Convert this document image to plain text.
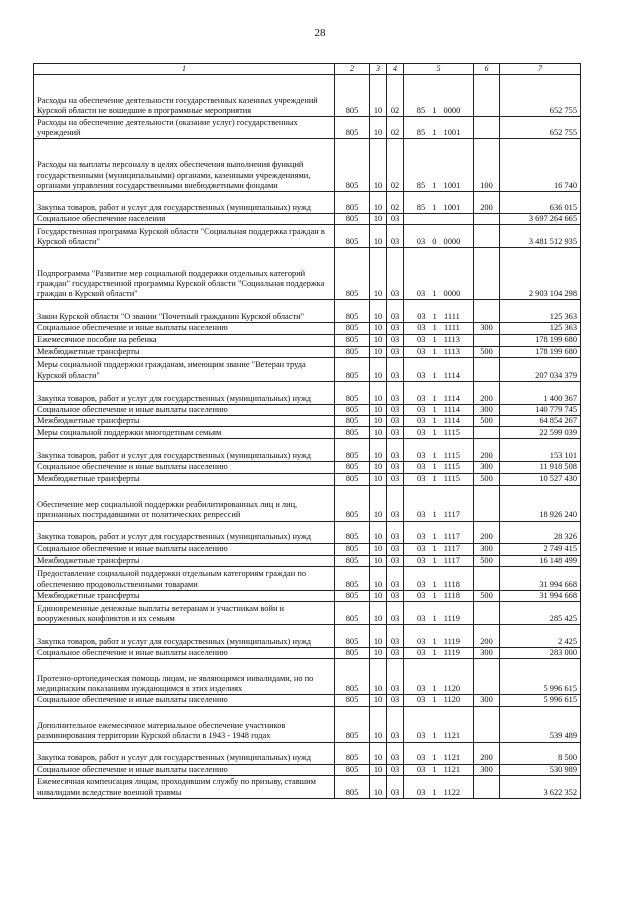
28
1	2	3	4	5	6	7
Расходы на обеспечение деятельности государственных казенных учреждений Курской области не вошедшие в программные мероприятия	805	10	02	85 1 0000		652 755
Расходы на обеспечение деятельности (оказание услуг) государственных учреждений	805	10	02	85 1 1001		652 755
Расходы на выплаты персоналу в целях обеспечения выполнения функций государственными (муниципальными) органами, казенными учреждениями, органами управления государственными внебюджетными фондами	805	10	02	85 1 1001	100	16 740
Закупка товаров, работ и услуг для государственных (муниципальных) нужд	805	10	02	85 1 1001	200	636 015
Социальное обеспечение населения	805	10	03			3 697 264 665
Государственная программа Курской области "Социальная поддержка граждан в Курской области"	805	10	03	03 0 0000		3 481 512 935
Подпрограмма "Развитие мер социальной поддержки отдельных категорий граждан" государственной программы Курской области "Социальная поддержка граждан в Курской области"	805	10	03	03 1 0000		2 903 104 298
Закон Курской области "О звании "Почетный гражданин Курской области"	805	10	03	03 1 1111		125 363
Социальное обеспечение и иные выплаты населению	805	10	03	03 1 1111	300	125 363
Ежемесячное пособие на ребенка	805	10	03	03 1 1113		178 199 680
Межбюджетные трансферты	805	10	03	03 1 1113	500	178 199 680
Меры социальной поддержки гражданам, имеющим звание "Ветеран труда Курской области"	805	10	03	03 1 1114		207 034 379
Закупка товаров, работ и услуг для государственных (муниципальных) нужд	805	10	03	03 1 1114	200	1 400 367
Социальное обеспечение и иные выплаты населению	805	10	03	03 1 1114	300	140 779 745
Межбюджетные трансферты	805	10	03	03 1 1114	500	64 854 267
Меры социальной поддержки многодетным семьям	805	10	03	03 1 1115		22 599 039
Закупка товаров, работ и услуг для государственных (муниципальных) нужд	805	10	03	03 1 1115	200	153 101
Социальное обеспечение и иные выплаты населению	805	10	03	03 1 1115	300	11 918 508
Межбюджетные трансферты	805	10	03	03 1 1115	500	10 527 430
Обеспечение мер социальной поддержки реабилитированных лиц и лиц, признанных пострадавшими от политических репрессий	805	10	03	03 1 1117		18 926 240
Закупка товаров, работ и услуг для государственных (муниципальных) нужд	805	10	03	03 1 1117	200	28 326
Социальное обеспечение и иные выплаты населению	805	10	03	03 1 1117	300	2 749 415
Межбюджетные трансферты	805	10	03	03 1 1117	500	16 148 499
Предоставление социальной поддержки отдельным категориям граждан по обеспечению продовольственными товарами	805	10	03	03 1 1118		31 994 668
Межбюджетные трансферты	805	10	03	03 1 1118	500	31 994 668
Единовременные денежные выплаты ветеранам и участникам войн и вооруженных конфликтов и их семьям	805	10	03	03 1 1119		285 425
Закупка товаров, работ и услуг для государственных (муниципальных) нужд	805	10	03	03 1 1119	200	2 425
Социальное обеспечение и иные выплаты населению	805	10	03	03 1 1119	300	283 000
Протезно-ортопедическая помощь лицам, не являющимся инвалидами, но по медицинским показаниям нуждающимся в этих изделиях	805	10	03	03 1 1120		5 996 615
Социальное обеспечение и иные выплаты населению	805	10	03	03 1 1120	300	5 996 615
Дополнительное ежемесячное материальное обеспечение участников разминирования территории Курской области в 1943 - 1948 годах	805	10	03	03 1 1121		539 489
Закупка товаров, работ и услуг для государственных (муниципальных) нужд	805	10	03	03 1 1121	200	8 500
Социальное обеспечение и иные выплаты населению	805	10	03	03 1 1121	300	530 989
Ежемесячная компенсация лицам, проходившим службу по призыву, ставшим инвалидами вследствие военной травмы	805	10	03	03 1 1122		3 622 352
